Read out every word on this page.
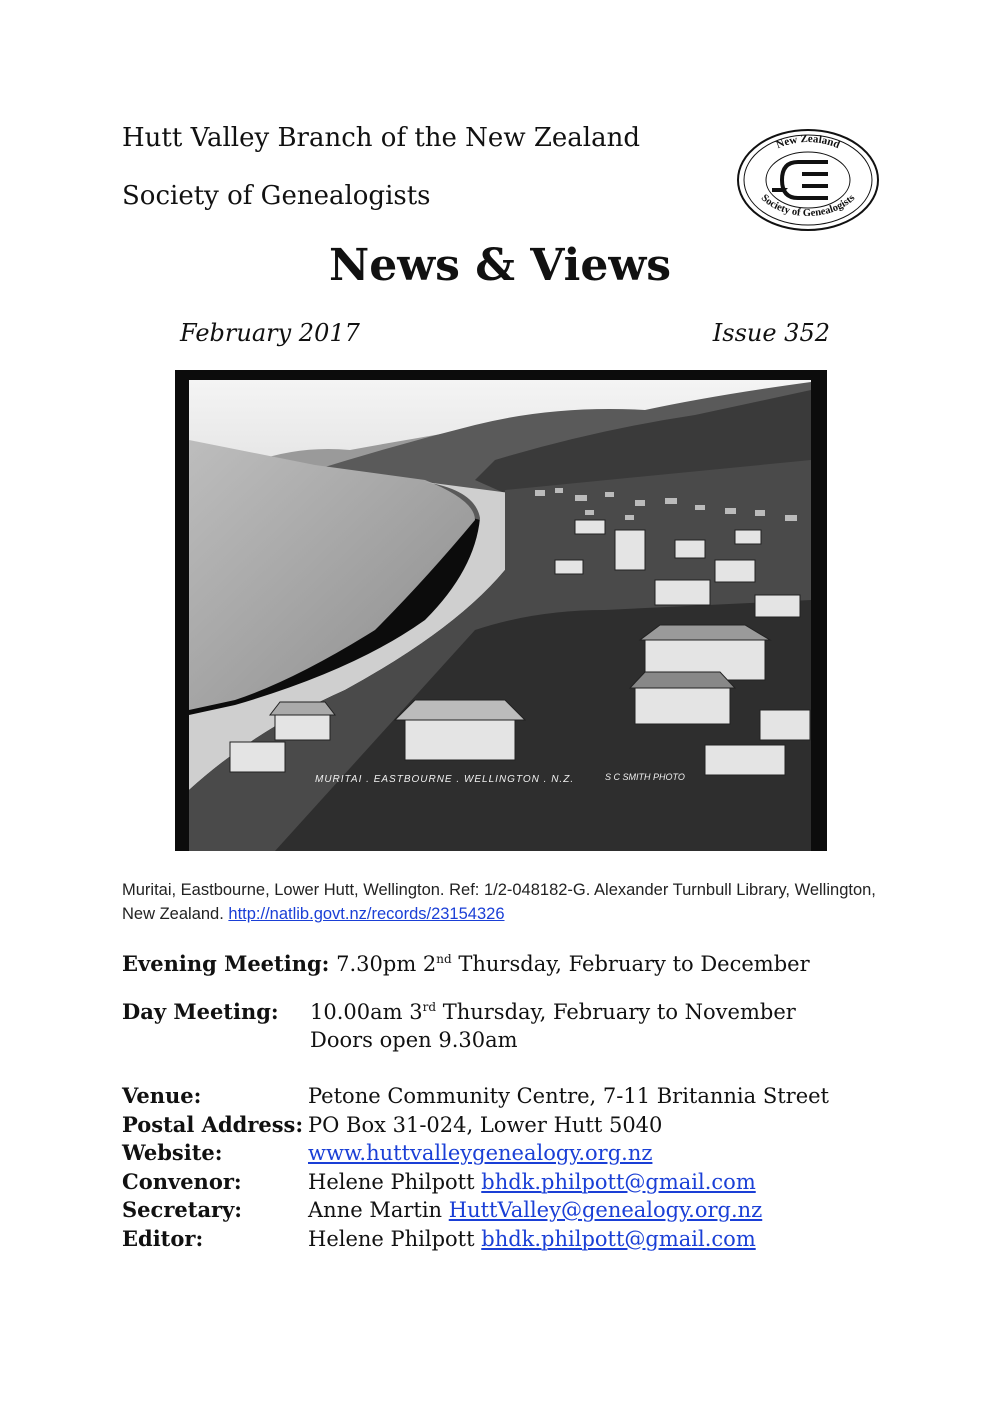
Hutt Valley Branch of the New Zealand
Society of Genealogists
New Zealand
Society of Genealogists
News & Views
February 2017	Issue 352
MURITAI . EASTBOURNE . WELLINGTON . N.Z.	S C SMITH PHOTO
Muritai, Eastbourne, Lower Hutt, Wellington. Ref: 1/2-048182-G. Alexander Turnbull Library, Wellington, New Zealand. http://natlib.govt.nz/records/23154326
Evening Meeting: 7.30pm 2nd Thursday, February to December
Day Meeting: 10.00am 3rd Thursday, February to November
Doors open 9.30am
Venue:	Petone Community Centre, 7-11 Britannia Street
Postal Address: PO Box 31-024, Lower Hutt 5040
Website:	www.huttvalleygenealogy.org.nz
Convenor:	Helene Philpott bhdk.philpott@gmail.com
Secretary:	Anne Martin HuttValley@genealogy.org.nz
Editor:	Helene Philpott bhdk.philpott@gmail.com
